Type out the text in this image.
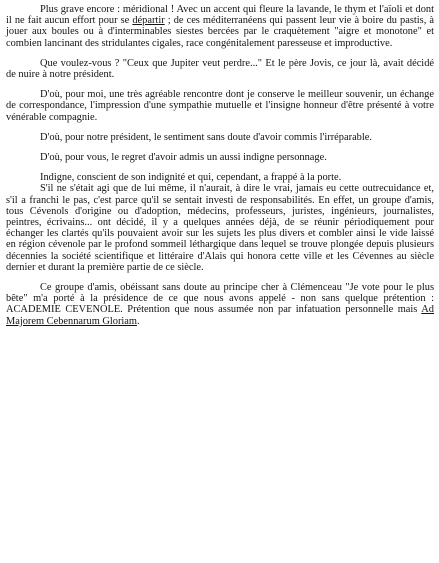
Plus grave encore : méridional ! Avec un accent qui fleure la lavande, le thym et l'aïoli et dont il ne fait aucun effort pour se départir ; de ces méditerranéens qui passent leur vie à boire du pastis, à jouer aux boules ou à d'interminables siestes bercées par le craquètement "aigre et monotone" et combien lancinant des stridulantes cigales, race congénitalement paresseuse et improductive.

Que voulez-vous ? "Ceux que Jupiter veut perdre..." Et le père Jovis, ce jour là, avait décidé de nuire à notre président.

D'où, pour moi, une très agréable rencontre dont je conserve le meilleur souvenir, un échange de correspondance, l'impression d'une sympathie mutuelle et l'insigne honneur d'être présenté à votre vénérable compagnie.

D'où, pour notre président, le sentiment sans doute d'avoir commis l'irréparable.

D'où, pour vous, le regret d'avoir admis un aussi indigne personnage.

Indigne, conscient de son indignité et qui, cependant, a frappé à la porte.

S'il ne s'était agi que de lui même, il n'aurait, à dire le vrai, jamais eu cette outrecuidance et, s'il a franchi le pas, c'est parce qu'il se sentait investi de responsabilités. En effet, un groupe d'amis, tous Cévenols d'origine ou d'adoption, médecins, professeurs, juristes, ingénieurs, journalistes, peintres, écrivains... ont décidé, il y a quelques années déjà, de se réunir périodiquement pour échanger les clartés qu'ils pouvaient avoir sur les sujets les plus divers et combler ainsi le vide laissé en région cévenole par le profond sommeil léthargique dans lequel se trouve plongée depuis plusieurs décennies la société scientifique et littéraire d'Alais qui honora cette ville et les Cévennes au siècle dernier et durant la première partie de ce siècle.

Ce groupe d'amis, obéissant sans doute au principe cher à Clémenceau "Je vote pour le plus bête" m'a porté à la présidence de ce que nous avons appelé - non sans quelque prétention : ACADEMIE CEVENOLE. Prétention que nous assumée non par infatuation personnelle mais Ad Majorem Cebennarum Gloriam.
